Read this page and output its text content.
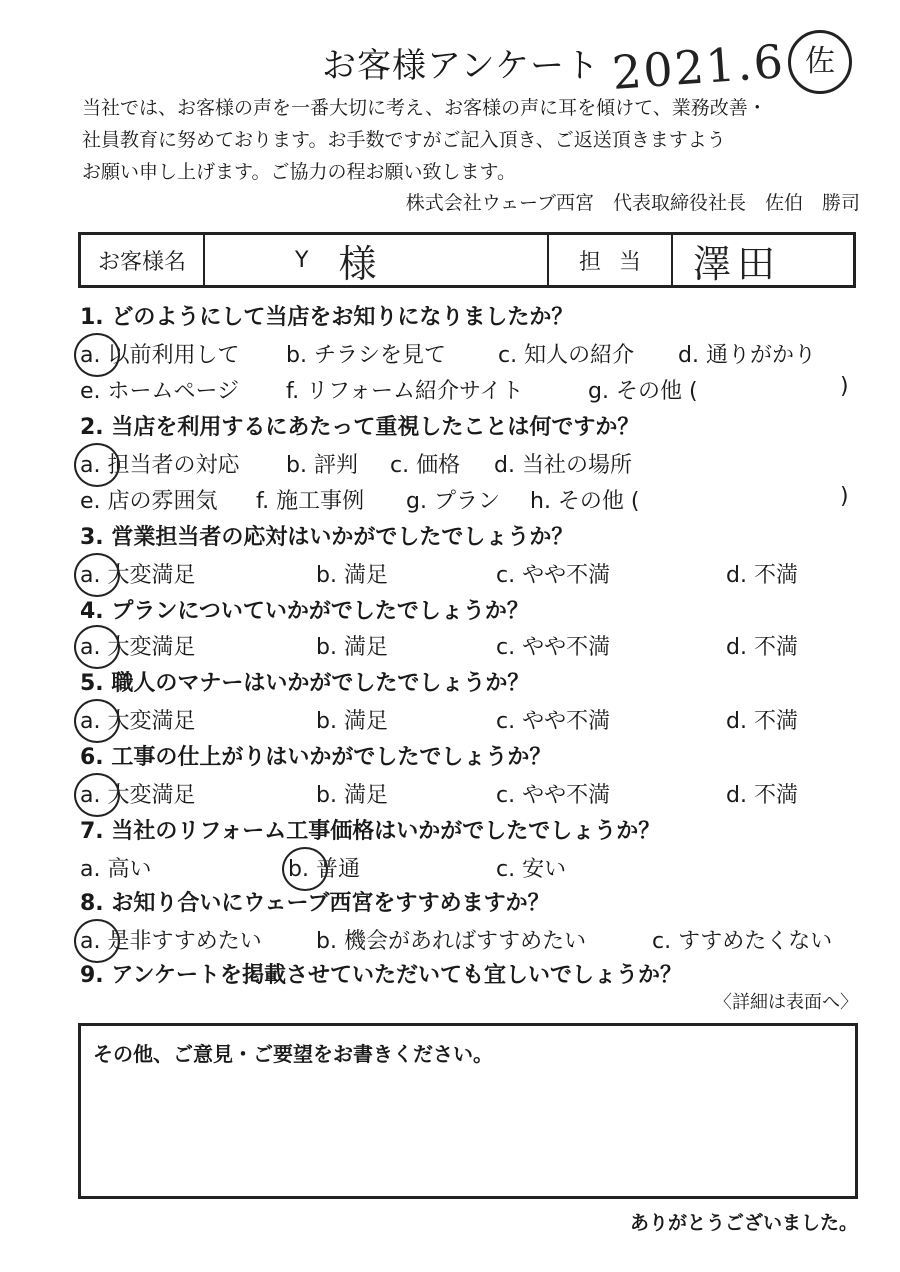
お客様アンケート 2021.6 佐
当社では、お客様の声を一番大切に考え、お客様の声に耳を傾けて、業務改善・
社員教育に努めております。お手数ですがご記入頂き、ご返送頂きますよう
お願い申し上げます。ご協力の程お願い致します。
株式会社ウェーブ西宮　代表取締役社長　佐伯　勝司
お客様名	Y 様	担当 澤田
1. どのようにして当店をお知りになりましたか？
a. 以前利用して b. チラシを見て c. 知人の紹介 d. 通りがかり
e. ホームページ f. リフォーム紹介サイト	g. その他 (	)
2. 当店を利用するにあたって重視したことは何ですか？
a. 担当者の対応 b. 評判 c. 価格 d. 当社の場所
e. 店の雰囲気 f. 施工事例 g. プラン h. その他 (	)
3. 営業担当者の応対はいかがでしたでしょうか？
a. 大変満足	b. 満足	c. やや不満	d. 不満
4. プランについていかがでしたでしょうか？
a. 大変満足	b. 満足	c. やや不満	d. 不満
5. 職人のマナーはいかがでしたでしょうか？
a. 大変満足	b. 満足	c. やや不満	d. 不満
6. 工事の仕上がりはいかがでしたでしょうか？
a. 大変満足	b. 満足	c. やや不満	d. 不満
7. 当社のリフォーム工事価格はいかがでしたでしょうか？
a. 高い	b. 普通	c. 安い
8. お知り合いにウェーブ西宮をすすめますか？
a. 是非すすめたい b. 機会があればすすめたい	c. すすめたくない
9. アンケートを掲載させていただいても宜しいでしょうか？
〈詳細は表面へ〉
その他、ご意見・ご要望をお書きください。
ありがとうございました。
